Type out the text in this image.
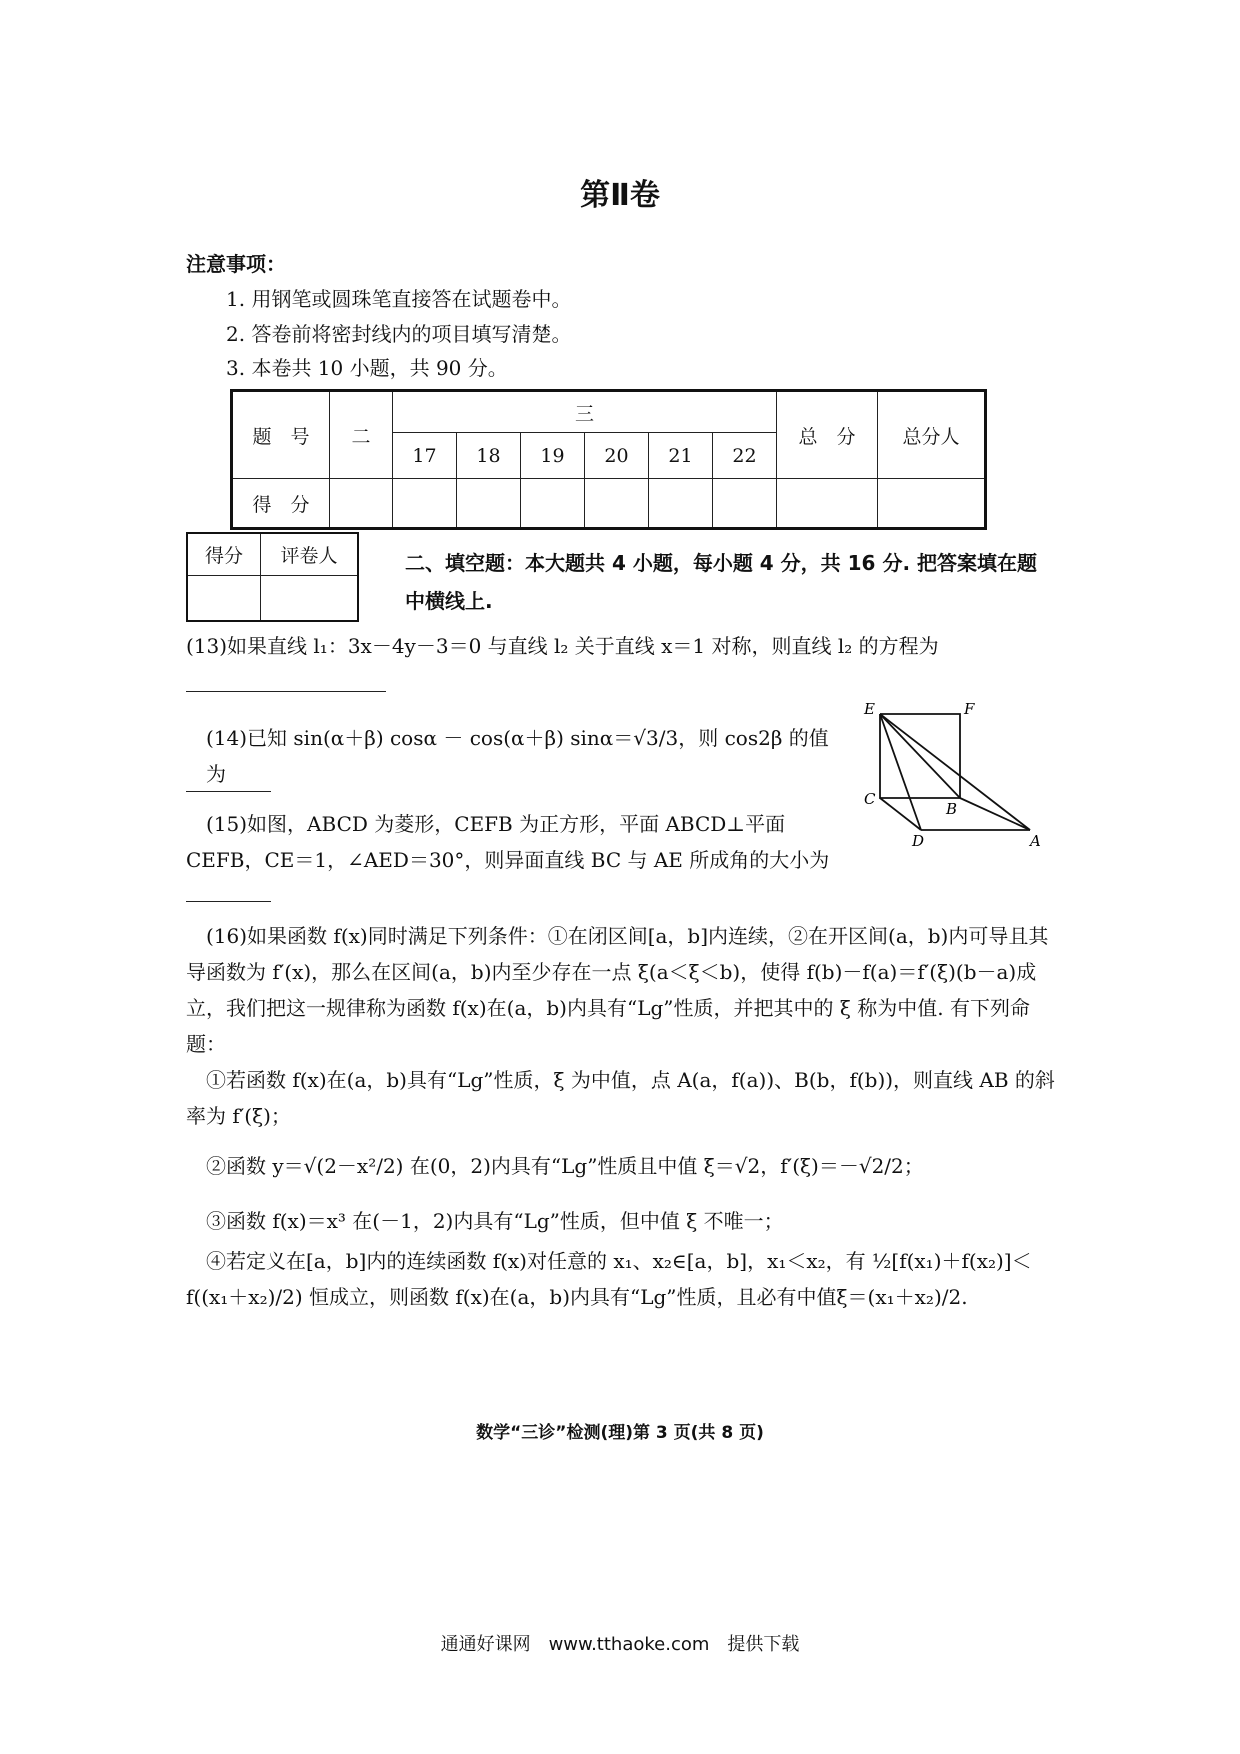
第Ⅱ卷
注意事项：
1. 用钢笔或圆珠笔直接答在试题卷中。
2. 答卷前将密封线内的项目填写清楚。
3. 本卷共 10 小题，共 90 分。
题　号	二	三						总　分	总分人
		17	18	19	20	21	22		
得　分									
得分	评卷人
		二、填空题：本大题共 4 小题，每小题 4 分，共 16 分. 把答案填在题中横线上.
(13)如果直线 l₁：3x－4y－3＝0 与直线 l₂ 关于直线 x＝1 对称，则直线 l₂ 的方程为
(14)已知 sin(α＋β) cosα － cos(α＋β) sinα＝√3/3，则 cos2β 的值为
(15)如图，ABCD 为菱形，CEFB 为正方形，平面 ABCD⊥平面
CEFB，CE＝1，∠AED＝30°，则异面直线 BC 与 AE 所成角的大小为
E	F
C
B
D	A
(16)如果函数 f(x)同时满足下列条件：①在闭区间[a，b]内连续，②在开区间(a，b)内可导且其导函数为 f′(x)，那么在区间(a，b)内至少存在一点 ξ(a＜ξ＜b)，使得 f(b)－f(a)＝f′(ξ)(b－a)成立，我们把这一规律称为函数 f(x)在(a，b)内具有“Lg”性质，并把其中的 ξ 称为中值. 有下列命题：
①若函数 f(x)在(a，b)具有“Lg”性质，ξ 为中值，点 A(a，f(a))、B(b，f(b))，则直线 AB 的斜率为 f′(ξ)；
②函数 y＝√(2－x²/2) 在(0，2)内具有“Lg”性质且中值 ξ＝√2，f′(ξ)＝－√2/2；
③函数 f(x)＝x³ 在(－1，2)内具有“Lg”性质，但中值 ξ 不唯一；
④若定义在[a，b]内的连续函数 f(x)对任意的 x₁、x₂∈[a，b]，x₁＜x₂，有 ½[f(x₁)＋f(x₂)]＜f((x₁＋x₂)/2) 恒成立，则函数 f(x)在(a，b)内具有“Lg”性质，且必有中值ξ＝(x₁＋x₂)/2.
数学“三诊”检测(理)第 3 页(共 8 页)
通通好课网　www.tthaoke.com　提供下载
